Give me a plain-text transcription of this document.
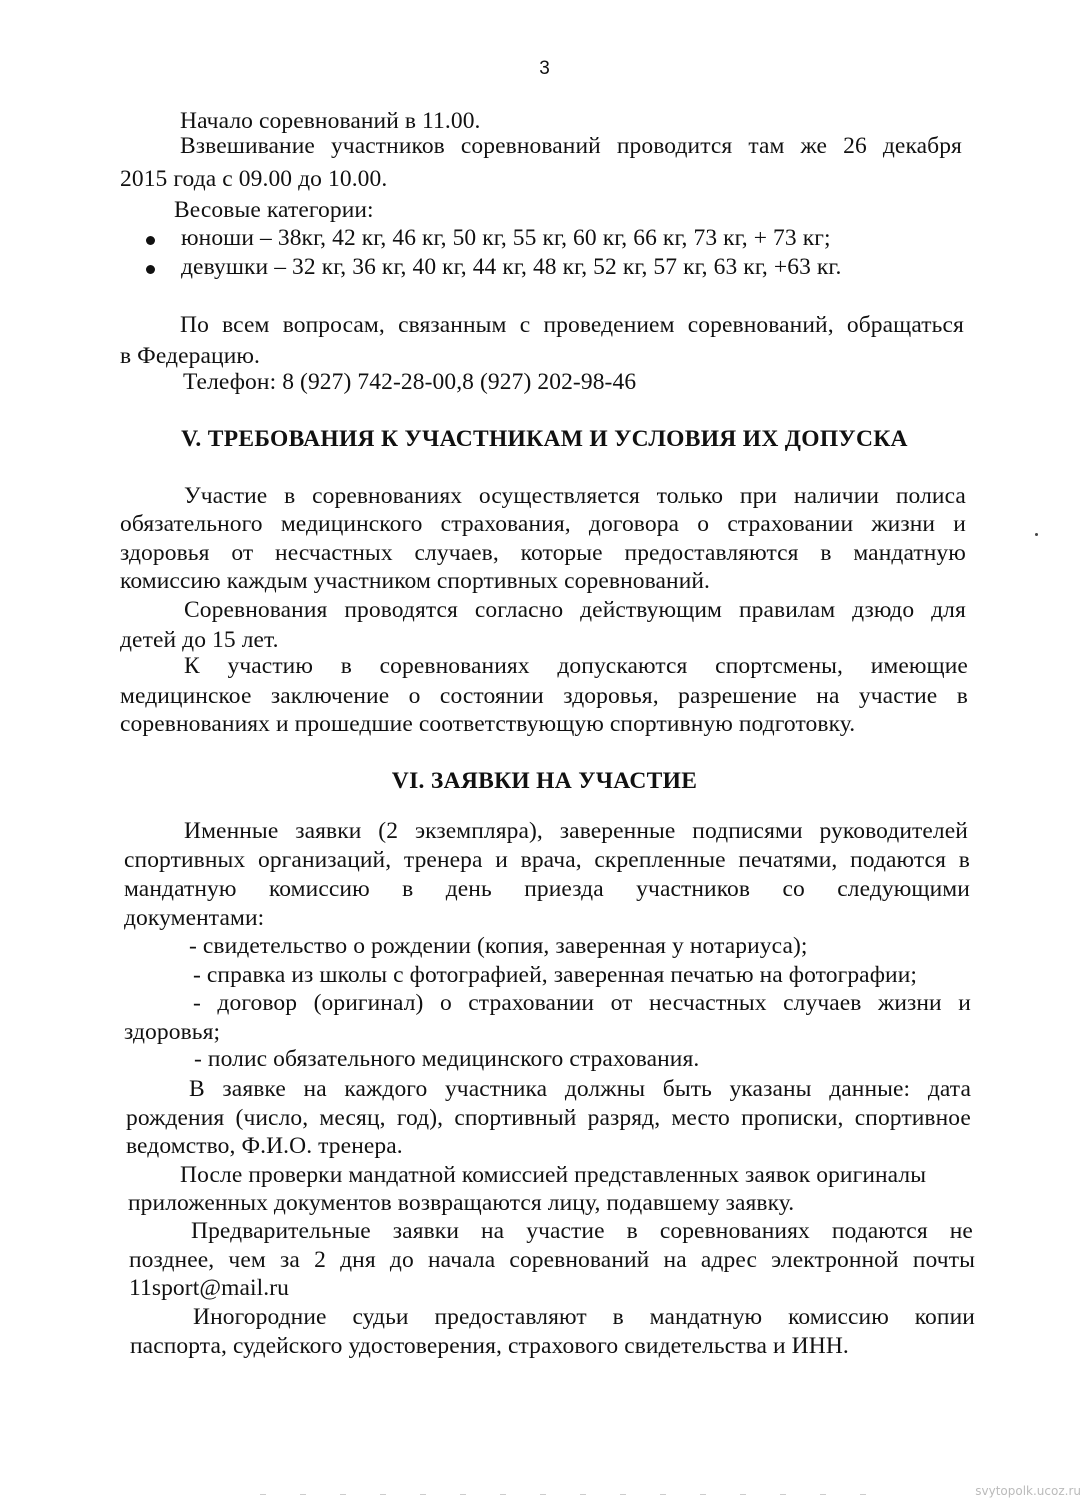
3
Начало соревнований в 11.00.
Взвешивание участников соревнований проводится там же 26 декабря
2015 года с 09.00 до 10.00.
Весовые категории:
юноши – 38кг, 42 кг, 46 кг, 50 кг, 55 кг, 60 кг, 66 кг, 73 кг, + 73 кг;
девушки – 32 кг, 36 кг, 40 кг, 44 кг, 48 кг, 52 кг, 57 кг, 63 кг, +63 кг.
По всем вопросам, связанным с проведением соревнований, обращаться
в Федерацию.
Телефон: 8 (927) 742-28-00,8 (927) 202-98-46
V. ТРЕБОВАНИЯ К УЧАСТНИКАМ И УСЛОВИЯ ИХ ДОПУСКА
Участие в соревнованиях осуществляется только при наличии полиса
обязательного медицинского страхования, договора о страховании жизни и
здоровья от несчастных случаев, которые предоставляются в мандатную
комиссию каждым участником спортивных соревнований.
Соревнования проводятся согласно действующим правилам дзюдо для
детей до 15 лет.
К участию в соревнованиях допускаются спортсмены, имеющие
медицинское заключение о состоянии здоровья, разрешение на участие в
соревнованиях и прошедшие соответствующую спортивную подготовку.
VI. ЗАЯВКИ НА УЧАСТИЕ
Именные заявки (2 экземпляра), заверенные подписями руководителей
спортивных организаций, тренера и врача, скрепленные печатями, подаются в
мандатную комиссию в день приезда участников со следующими
документами:
- свидетельство о рождении (копия, заверенная у нотариуса);
- справка из школы с фотографией, заверенная печатью на фотографии;
- договор (оригинал) о страховании от несчастных случаев жизни и
здоровья;
- полис обязательного медицинского страхования.
В заявке на каждого участника должны быть указаны данные: дата
рождения (число, месяц, год), спортивный разряд, место прописки, спортивное
ведомство, Ф.И.О. тренера.
После проверки мандатной комиссией представленных заявок оригиналы
приложенных документов возвращаются лицу, подавшему заявку.
Предварительные заявки на участие в соревнованиях подаются не
позднее, чем за 2 дня до начала соревнований на адрес электронной почты
11sport@mail.ru
Иногородние судьи предоставляют в мандатную комиссию копии
паспорта, судейского удостоверения, страхового свидетельства и ИНН.
svytopolk.ucoz.ru
